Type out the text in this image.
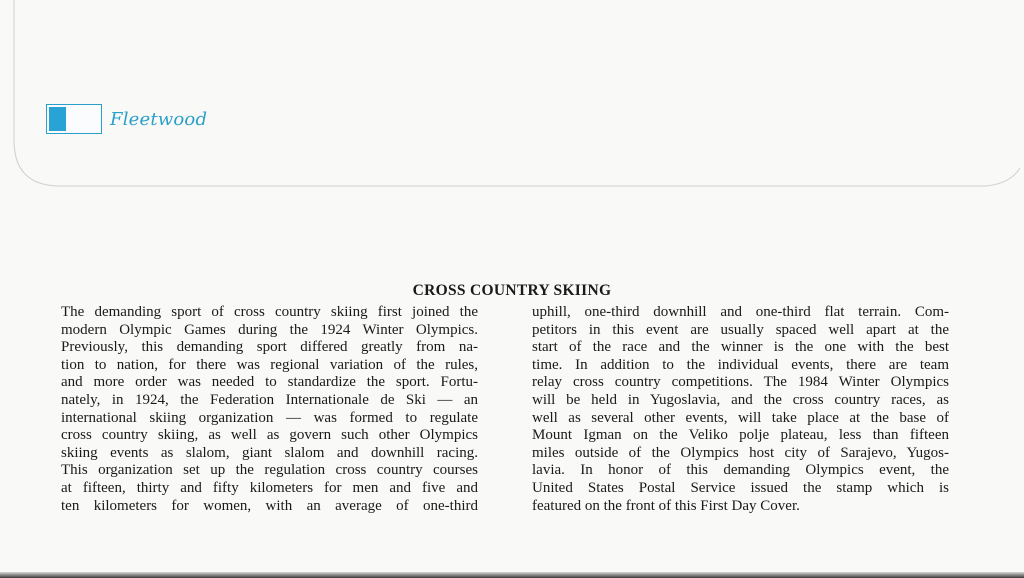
Fleetwood
CROSS COUNTRY SKIING
The demanding sport of cross country skiing first joined the
modern Olympic Games during the 1924 Winter Olympics.
Previously, this demanding sport differed greatly from na-
tion to nation, for there was regional variation of the rules,
and more order was needed to standardize the sport. Fortu-
nately, in 1924, the Federation Internationale de Ski — an
international skiing organization — was formed to regulate
cross country skiing, as well as govern such other Olympics
skiing events as slalom, giant slalom and downhill racing.
This organization set up the regulation cross country courses
at fifteen, thirty and fifty kilometers for men and five and
ten kilometers for women, with an average of one-third
uphill, one-third downhill and one-third flat terrain. Com-
petitors in this event are usually spaced well apart at the
start of the race and the winner is the one with the best
time. In addition to the individual events, there are team
relay cross country competitions. The 1984 Winter Olympics
will be held in Yugoslavia, and the cross country races, as
well as several other events, will take place at the base of
Mount Igman on the Veliko polje plateau, less than fifteen
miles outside of the Olympics host city of Sarajevo, Yugos-
lavia. In honor of this demanding Olympics event, the
United States Postal Service issued the stamp which is
featured on the front of this First Day Cover.
